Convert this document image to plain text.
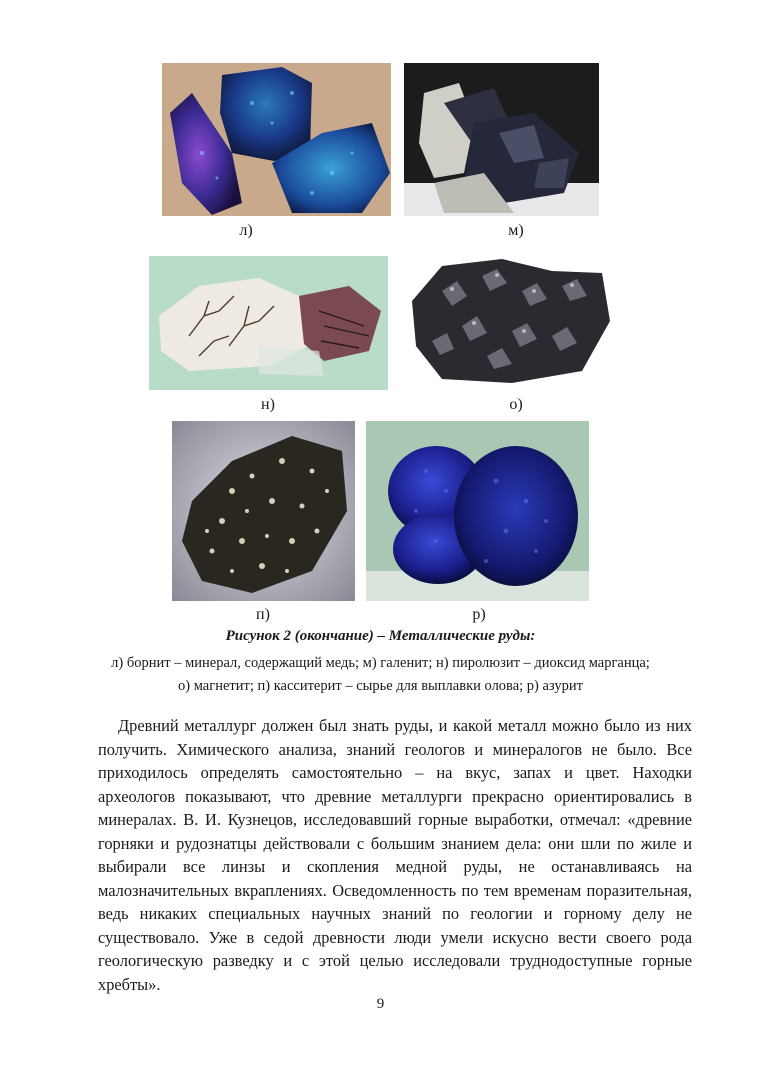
л)	м)
н)	о)
п)	р)
Рисунок 2 (окончание) – Металлические руды:
л) борнит – минерал, содержащий медь; м) галенит; н) пиролюзит – диоксид марганца;
о) магнетит; п) касситерит – сырье для выплавки олова; р) азурит

Древний металлург должен был знать руды, и какой металл можно было из них получить. Химического анализа, знаний геологов и минералогов не было. Все приходилось определять самостоятельно – на вкус, запах и цвет. Находки археологов показывают, что древние металлурги прекрасно ориентировались в минералах. В. И. Кузнецов, исследовавший горные выработки, отмечал: «древние горняки и рудознатцы действовали с большим знанием дела: они шли по жиле и выбирали все линзы и скопления медной руды, не останавливаясь на малозначительных вкраплениях. Осведомленность по тем временам поразительная, ведь никаких специальных научных знаний по геологии и горному делу не существовало. Уже в седой древности люди умели искусно вести своего рода геологическую разведку и с этой целью исследовали труднодоступные горные хребты».

9
